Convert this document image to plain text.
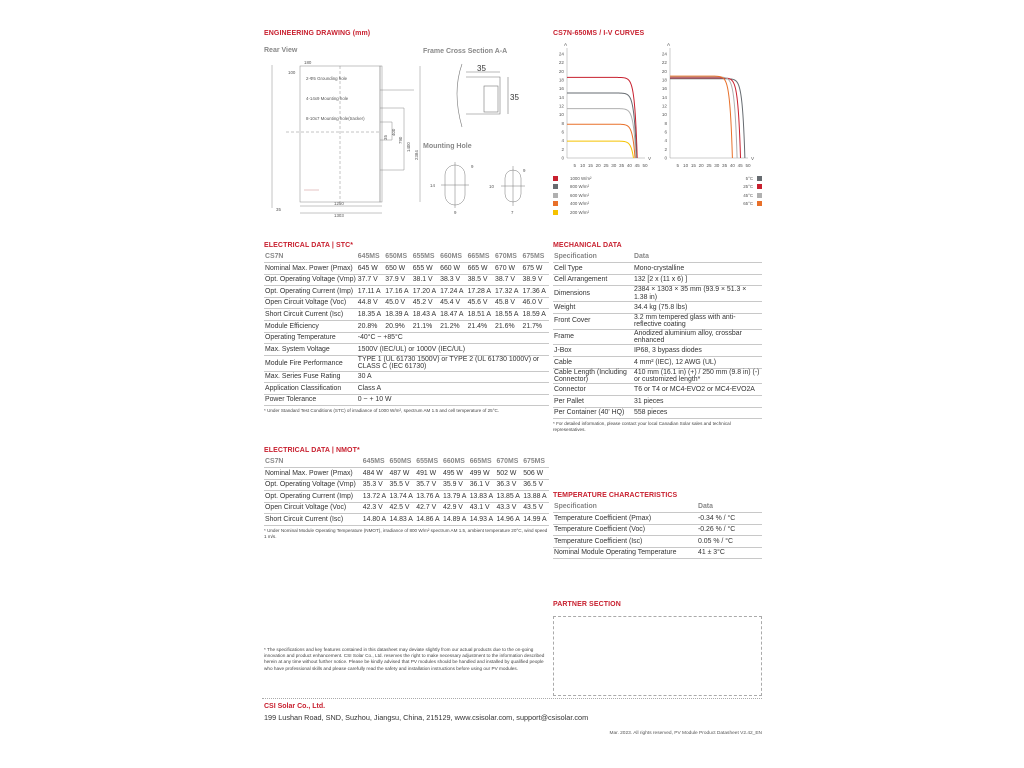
ENGINEERING DRAWING (mm)
Rear View	Frame Cross Section A-A
Mounting Hole
180
100
2-Φ5 Grounding hole
4-14x9 Mounting hole
8-10x7 Mounting hole(tracker)
35
400
790
1400
2384
1250
1303
35
35
35
14
9
9
10
7
9
CS7N-650MS / I-V CURVES
A
V
0
2
4
6
8
10
12
14
16
18
20
22
24
5 10 15 20 25 30 35 40 45 50
A
V
0
2
4
6
8
10
12
14
16
18
20
22
24
5 10 15 20 25 30 35 40 45 50
1000 W/m²
800 W/m²
600 W/m²
400 W/m²
200 W/m²
5°C
25°C
45°C
65°C
ELECTRICAL DATA | STC*
CS7N	645MS	650MS	655MS	660MS	665MS	670MS	675MS
Nominal Max. Power (Pmax)	645 W	650 W	655 W	660 W	665 W	670 W	675 W
Opt. Operating Voltage (Vmp)	37.7 V	37.9 V	38.1 V	38.3 V	38.5 V	38.7 V	38.9 V
Opt. Operating Current (Imp)	17.11 A	17.16 A	17.20 A	17.24 A	17.28 A	17.32 A	17.36 A
Open Circuit Voltage (Voc)	44.8 V	45.0 V	45.2 V	45.4 V	45.6 V	45.8 V	46.0 V
Short Circuit Current (Isc)	18.35 A	18.39 A	18.43 A	18.47 A	18.51 A	18.55 A	18.59 A
Module Efficiency	20.8%	20.9%	21.1%	21.2%	21.4%	21.6%	21.7%
Operating Temperature	-40°C ~ +85°C						
Max. System Voltage	1500V (IEC/UL) or 1000V (IEC/UL)						
Module Fire Performance	TYPE 1 (UL 61730 1500V) or TYPE 2 (UL 61730 1000V) or CLASS C (IEC 61730)						
Max. Series Fuse Rating	30 A						
Application Classification	Class A						
Power Tolerance	0 ~ + 10 W						
* Under Standard Test Conditions (STC) of irradiance of 1000 W/m², spectrum AM 1.5 and cell temperature of 25°C.
ELECTRICAL DATA | NMOT*
CS7N	645MS	650MS	655MS	660MS	665MS	670MS	675MS
Nominal Max. Power (Pmax)	484 W	487 W	491 W	495 W	499 W	502 W	506 W
Opt. Operating Voltage (Vmp)	35.3 V	35.5 V	35.7 V	35.9 V	36.1 V	36.3 V	36.5 V
Opt. Operating Current (Imp)	13.72 A	13.74 A	13.76 A	13.79 A	13.83 A	13.85 A	13.88 A
Open Circuit Voltage (Voc)	42.3 V	42.5 V	42.7 V	42.9 V	43.1 V	43.3 V	43.5 V
Short Circuit Current (Isc)	14.80 A	14.83 A	14.86 A	14.89 A	14.93 A	14.96 A	14.99 A
* Under Nominal Module Operating Temperature (NMOT), irradiance of 800 W/m² spectrum AM 1.5, ambient temperature 20°C, wind speed 1 m/s.
MECHANICAL DATA
Specification	Data
Cell Type	Mono-crystalline
Cell Arrangement	132 [2 x (11 x 6) ]
Dimensions	2384 × 1303 × 35 mm (93.9 × 51.3 × 1.38 in)
Weight	34.4 kg (75.8 lbs)
Front Cover	3.2 mm tempered glass with anti-reflective coating
Frame	Anodized aluminium alloy, crossbar enhanced
J-Box	IP68, 3 bypass diodes
Cable	4 mm² (IEC), 12 AWG (UL)
Cable Length (Including Connector)	410 mm (16.1 in) (+) / 250 mm (9.8 in) (-) or customized length*
Connector	T6 or T4 or MC4-EVO2 or MC4-EVO2A
Per Pallet	31 pieces
Per Container (40' HQ)	558 pieces
* For detailed information, please contact your local Canadian Solar sales and technical representatives.
TEMPERATURE CHARACTERISTICS
Specification	Data
Temperature Coefficient (Pmax)	-0.34 % / °C
Temperature Coefficient (Voc)	-0.26 % / °C
Temperature Coefficient (Isc)	0.05 % / °C
Nominal Module Operating Temperature	41 ± 3°C
PARTNER SECTION
* The specifications and key features contained in this datasheet may deviate slightly from our actual products due to the on-going innovation and product enhancement. CSI Solar Co., Ltd. reserves the right to make necessary adjustment to the information described herein at any time without further notice. Please be kindly advised that PV modules should be handled and installed by qualified people who have professional skills and please carefully read the safety and installation instructions before using our PV modules.
CSI Solar Co., Ltd.
199 Lushan Road, SND, Suzhou, Jiangsu, China, 215129, www.csisolar.com, support@csisolar.com
Mar. 2023. All rights reserved, PV Module Product Datasheet V2.42_EN
